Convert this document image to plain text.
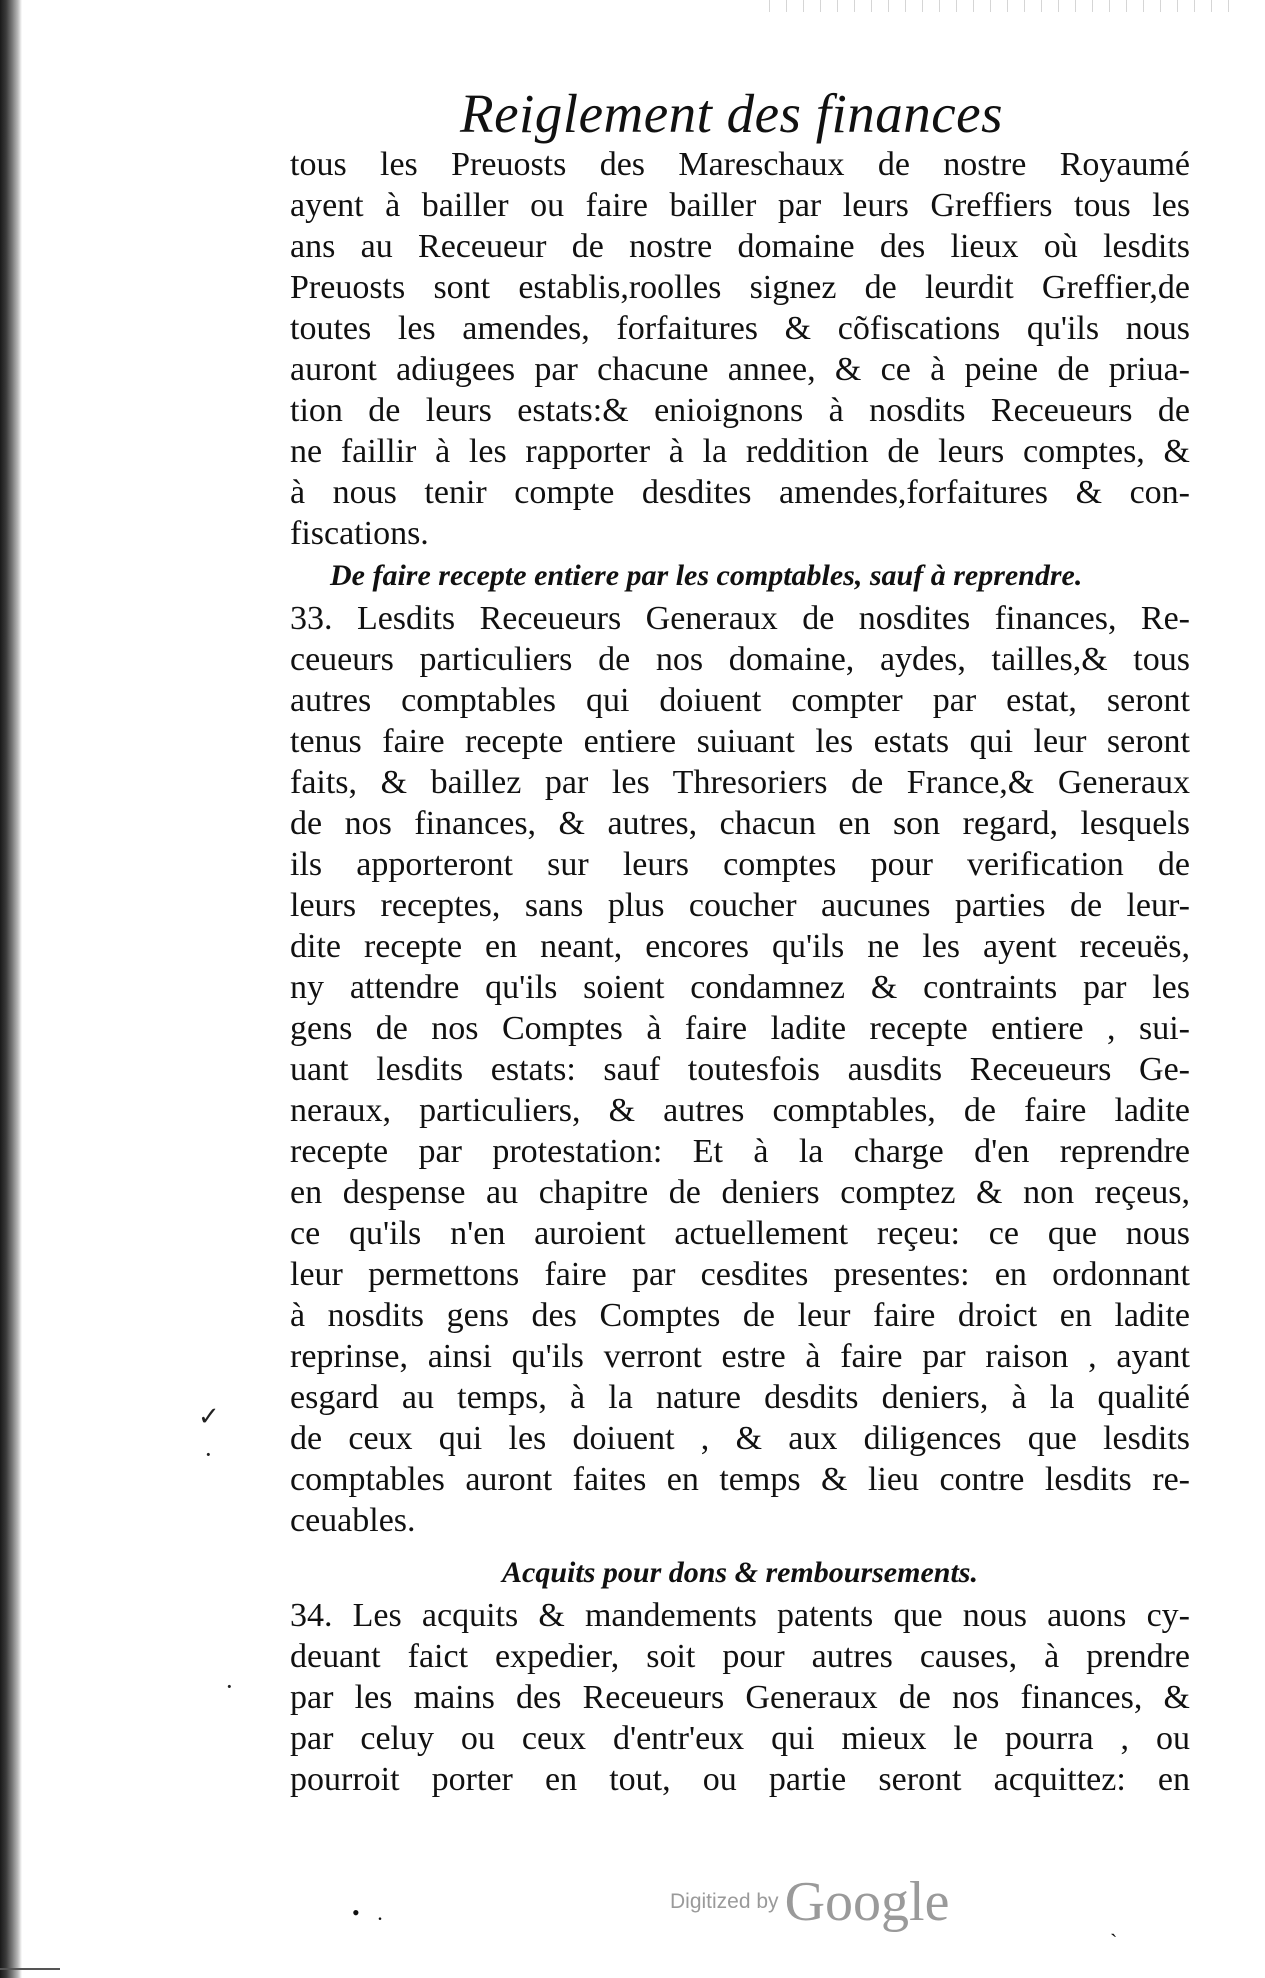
Reiglement des finances
tous les Preuosts des Mareschaux de nostre Royaumé
ayent à bailler ou faire bailler par leurs Greffiers tous les
ans au Receueur de nostre domaine des lieux où lesdits
Preuosts sont establis,roolles signez de leurdit Greffier,de
toutes les amendes, forfaitures & cõfiscations qu'ils nous
auront adiugees par chacune annee, & ce à peine de priua-
tion de leurs estats:& enioignons à nosdits Receueurs de
ne faillir à les rapporter à la reddition de leurs comptes, &
à nous tenir compte desdites amendes,forfaitures & con-
fiscations.
De faire recepte entiere par les comptables, sauf à reprendre.
33. Lesdits Receueurs Generaux de nosdites finances, Re-
ceueurs particuliers de nos domaine, aydes, tailles,& tous
autres comptables qui doiuent compter par estat, seront
tenus faire recepte entiere suiuant les estats qui leur seront
faits, & baillez par les Thresoriers de France,& Generaux
de nos finances, & autres, chacun en son regard, lesquels
ils apporteront sur leurs comptes pour verification de
leurs receptes, sans plus coucher aucunes parties de leur-
dite recepte en neant, encores qu'ils ne les ayent receuës,
ny attendre qu'ils soient condamnez & contraints par les
gens de nos Comptes à faire ladite recepte entiere , sui-
uant lesdits estats: sauf toutesfois ausdits Receueurs Ge-
neraux, particuliers, & autres comptables, de faire ladite
recepte par protestation: Et à la charge d'en reprendre
en despense au chapitre de deniers comptez & non reçeus,
ce qu'ils n'en auroient actuellement reçeu: ce que nous
leur permettons faire par cesdites presentes: en ordonnant
à nosdits gens des Comptes de leur faire droict en ladite
reprinse, ainsi qu'ils verront estre à faire par raison , ayant
esgard au temps, à la nature desdits deniers, à la qualité
de ceux qui les doiuent , & aux diligences que lesdits
comptables auront faites en temps & lieu contre lesdits re-
ceuables.
Acquits pour dons & remboursements.
34. Les acquits & mandements patents que nous auons cy-
deuant faict expedier, soit pour autres causes, à prendre
par les mains des Receueurs Generaux de nos finances, &
par celuy ou ceux d'entr'eux qui mieux le pourra , ou
pourroit porter en tout, ou partie seront acquittez: en
✓
·
·
• .	ˎ
Digitized by Google
